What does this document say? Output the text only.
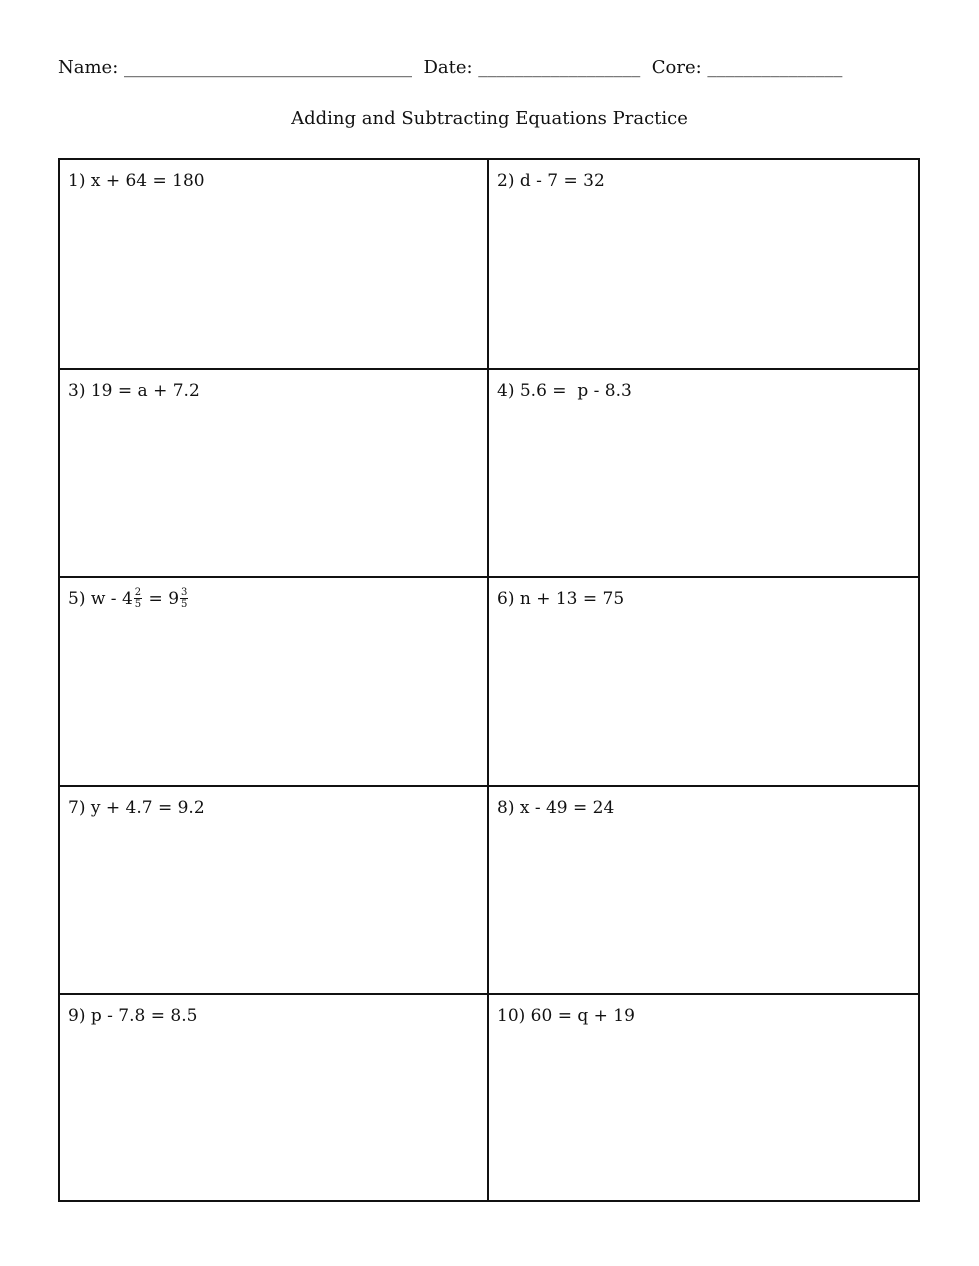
Name: ________________________________  Date: __________________  Core: _______________
Adding and Subtracting Equations Practice
1) x + 64 = 180	2) d - 7 = 32
3) 19 = a + 7.2	4) 5.6 =  p - 8.3
5) $w - 4 \frac{2}{5} = 9 \frac{3}{5}$	6) n + 13 = 75
7) y + 4.7 = 9.2	8) x - 49 = 24
9) p - 7.8 = 8.5	10) 60 = q + 19
